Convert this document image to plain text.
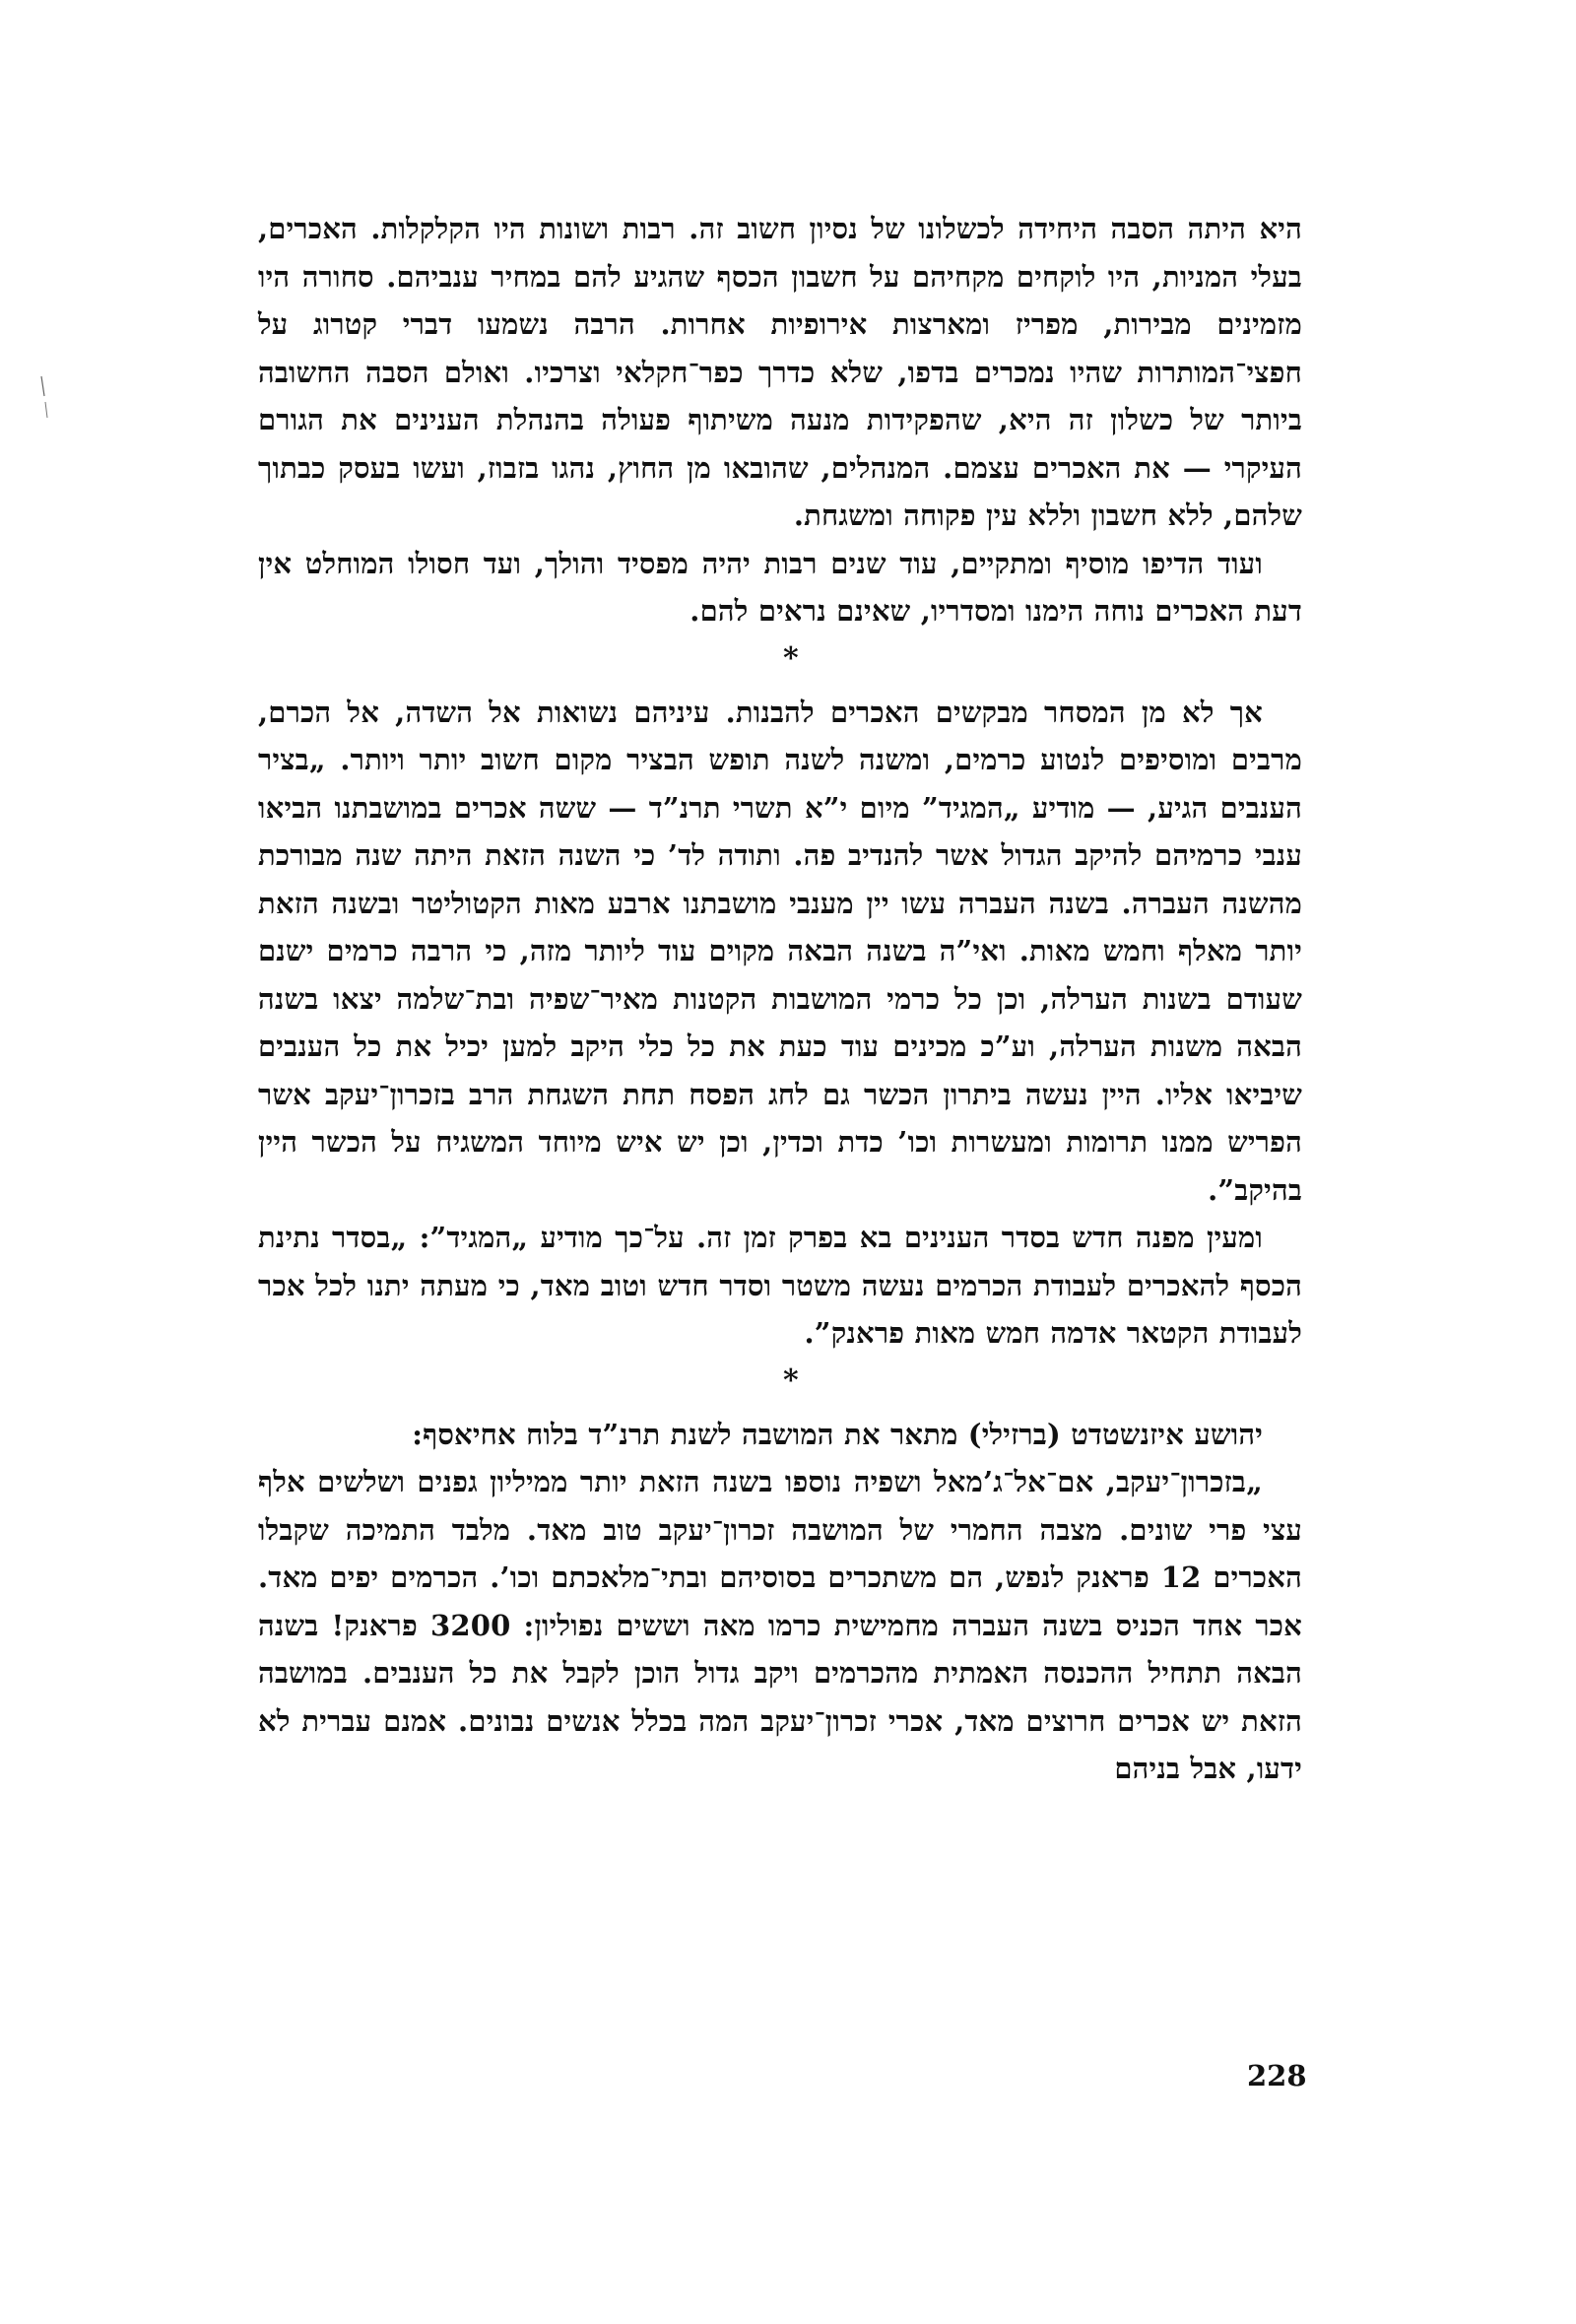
היא היתה הסבה היחידה לכשלונו של נסיון חשוב זה. רבות ושונות היו הקלקלות. האכרים, בעלי המניות, היו לוקחים מקחיהם על חשבון הכסף שהגיע להם במחיר ענביהם. סחורה היו מזמינים מבירות, מפריז ומארצות אירופיות אחרות. הרבה נשמעו דברי קטרוג על חפצי־המותרות שהיו נמכרים בדפו, שלא כדרך כפר־חקלאי וצרכיו. ואולם הסבה החשובה ביותר של כשלון זה היא, שהפקידות מנעה משיתוף פעולה בהנהלת הענינים את הגורם העיקרי — את האכרים עצמם. המנהלים, שהובאו מן החוץ, נהגו בזבוז, ועשו בעסק כבתוך שלהם, ללא חשבון וללא עין פקוחה ומשגחת.

ועוד הדיפו מוסיף ומתקיים, עוד שנים רבות יהיה מפסיד והולך, ועד חסולו המוחלט אין דעת האכרים נוחה הימנו ומסדריו, שאינם נראים להם.

*

אך לא מן המסחר מבקשים האכרים להבנות. עיניהם נשואות אל השדה, אל הכרם, מרבים ומוסיפים לנטוע כרמים, ומשנה לשנה תופש הבציר מקום חשוב יותר ויותר. „בציר הענבים הגיע, — מודיע „המגיד” מיום י”א תשרי תרנ”ד — ששה אכרים במושבתנו הביאו ענבי כרמיהם להיקב הגדול אשר להנדיב פה. ותודה לד’ כי השנה הזאת היתה שנה מבורכת מהשנה העברה. בשנה העברה עשו יין מענבי מושבתנו ארבע מאות הקטוליטר ובשנה הזאת יותר מאלף וחמש מאות. ואי”ה בשנה הבאה מקוים עוד ליותר מזה, כי הרבה כרמים ישנם שעודם בשנות הערלה, וכן כל כרמי המושבות הקטנות מאיר־שפיה ובת־שלמה יצאו בשנה הבאה משנות הערלה, וע”כ מכינים עוד כעת את כל כלי היקב למען יכיל את כל הענבים שיביאו אליו. היין נעשה ביתרון הכשר גם לחג הפסח תחת השגחת הרב בזכרון־יעקב אשר הפריש ממנו תרומות ומעשרות וכו’ כדת וכדין, וכן יש איש מיוחד המשגיח על הכשר היין בהיקב”.

ומעין מפנה חדש בסדר הענינים בא בפרק זמן זה. על־כך מודיע „המגיד”: „בסדר נתינת הכסף להאכרים לעבודת הכרמים נעשה משטר וסדר חדש וטוב מאד, כי מעתה יתנו לכל אכר לעבודת הקטאר אדמה חמש מאות פראנק”.

*

יהושע איזנשטדט (ברזילי) מתאר את המושבה לשנת תרנ”ד בלוח אחיאסף:

„בזכרון־יעקב, אם־אל־ג’מאל ושפיה נוספו בשנה הזאת יותר ממיליון גפנים ושלשים אלף עצי פרי שונים. מצבה החמרי של המושבה זכרון־יעקב טוב מאד. מלבד התמיכה שקבלו האכרים 12 פראנק לנפש, הם משתכרים בסוסיהם ובתי־מלאכתם וכו’. הכרמים יפים מאד. אכר אחד הכניס בשנה העברה מחמישית כרמו מאה וששים נפוליון: 3200 פראנק! בשנה הבאה תתחיל ההכנסה האמתית מהכרמים ויקב גדול הוכן לקבל את כל הענבים. במושבה הזאת יש אכרים חרוצים מאד, אכרי זכרון־יעקב המה בכלל אנשים נבונים. אמנם עברית לא ידעו, אבל בניהם

228
